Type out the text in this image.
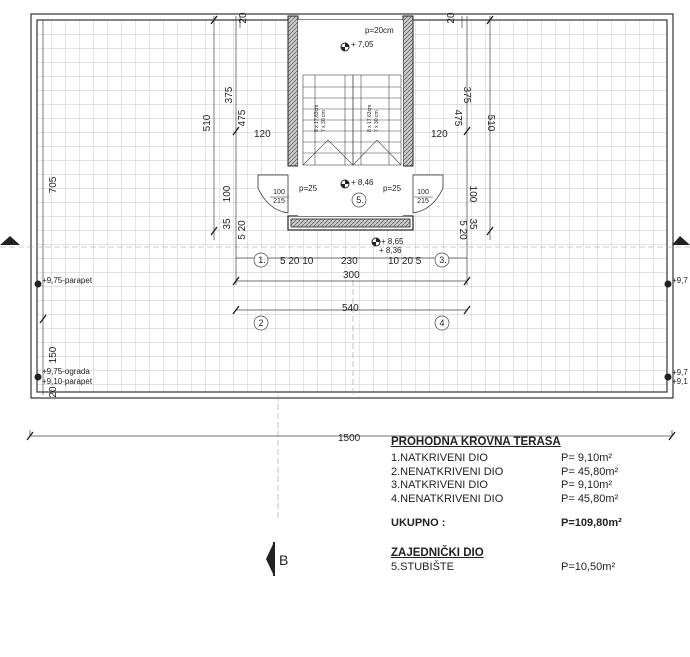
705
510	510
375	375
475	475
120	120
100	100
35	35
5 20	5 20
20	20
150
20
230
5 20 10	10 20 5
300
540
1500
+ 7,05
+ 8,46
+ 8,65
+ 8,36
+9,75-parapet
+9,75-ograda
+9,10-parapet
+9,7
+9,7
+9,1
p=20cm
p=25	p=25
100
215
100
215
8 x 17,63cm 7 x 30 cm	8 x 17,63cm 7 x 30 cm
1.
2
3.
4
5.
B
PROHODNA KROVNA TERASA
1.NATKRIVENI DIO	P= 9,10m²
2.NENATKRIVENI DIO	P= 45,80m²
3.NATKRIVENI DIO	P= 9,10m²
4.NENATKRIVENI DIO	P= 45,80m²
UKUPNO :	P=109,80m²
ZAJEDNIČKI DIO
5.STUBIŠTE	P=10,50m²
